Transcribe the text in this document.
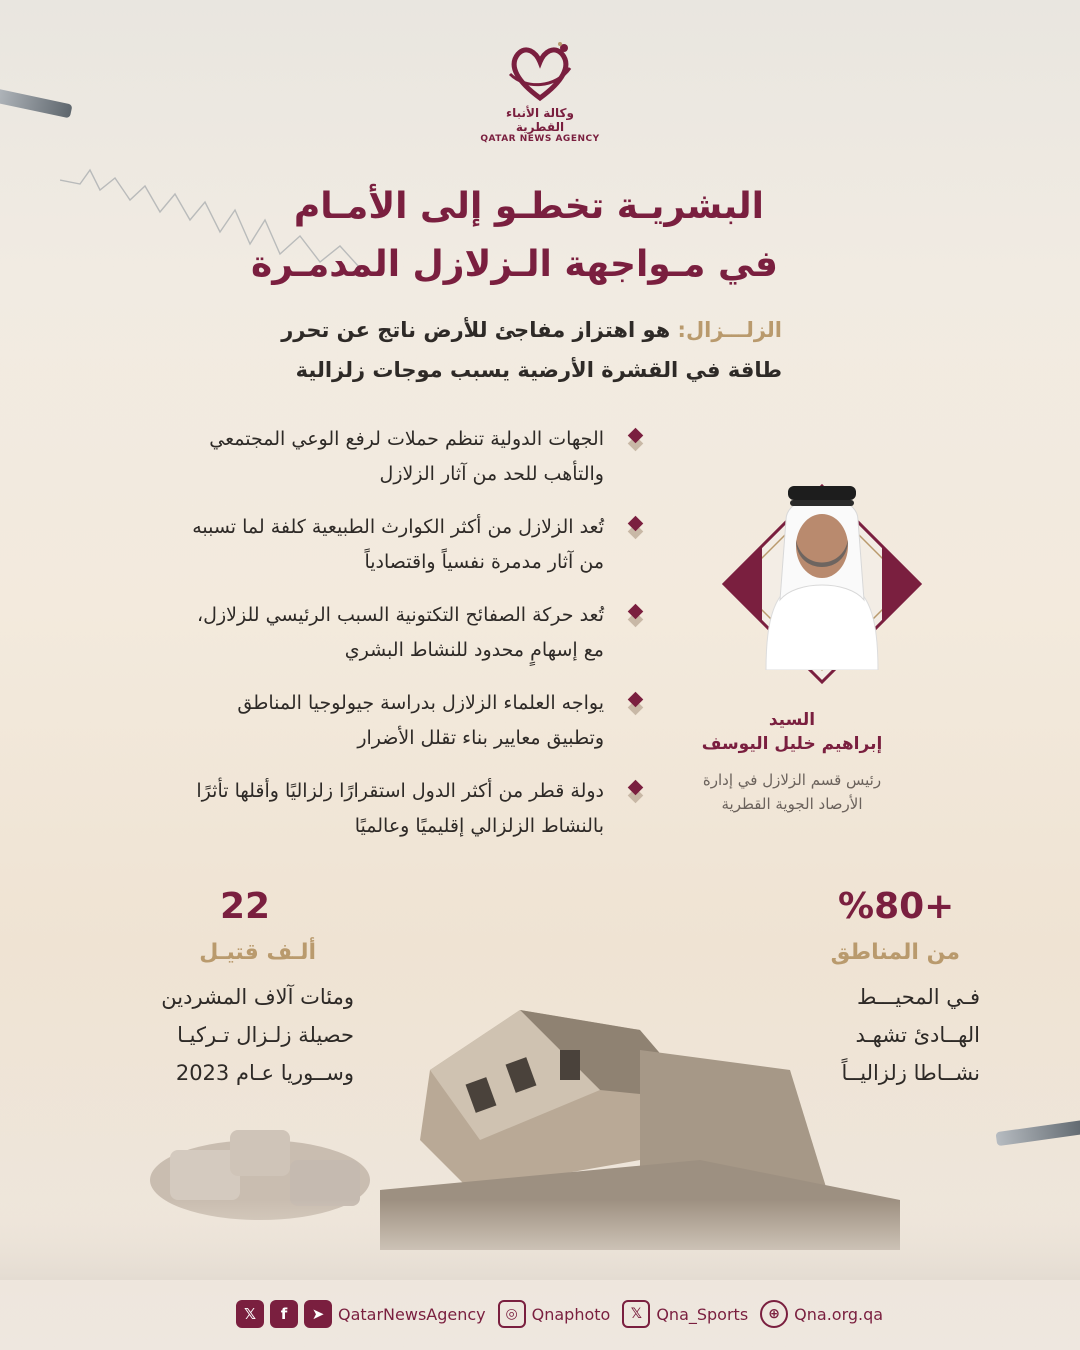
وكالة الأنباء القطرية
QATAR NEWS AGENCY
البشريـة تخطـو إلى الأمـام
في مـواجهة الـزلازل المدمـرة
الزلـــزال: هو اهتزاز مفاجئ للأرض ناتج عن تحرر
طاقة في القشرة الأرضية يسبب موجات زلزالية
الجهات الدولية تنظم حملات لرفع الوعي المجتمعي
والتأهب للحد من آثار الزلازل
تُعد الزلازل من أكثر الكوارث الطبيعية كلفة لما تسببه
من آثار مدمرة نفسياً واقتصادياً
تُعد حركة الصفائح التكتونية السبب الرئيسي للزلازل،
مع إسهامٍ محدود للنشاط البشري
يواجه العلماء الزلازل بدراسة جيولوجيا المناطق
وتطبيق معايير بناء تقلل الأضرار
دولة قطر من أكثر الدول استقرارًا زلزاليًا وأقلها تأثرًا
بالنشاط الزلزالي إقليميًا وعالميًا
السيد
إبراهيم خليل اليوسف
رئيس قسم الزلازل في إدارة
الأرصاد الجوية القطرية
22
ألـف قتيـل
ومئات آلاف المشردين
حصيلة زلـزال تـركيـا
وســوريا عـام 2023
%80+
من المناطق
فـي المحيـــط
الهــادئ تشهـد
نشــاطا زلزاليــاً
𝕏	f	➤ QatarNewsAgency	◎ Qnaphoto	𝕏 Qna_Sports	⊕ Qna.org.qa
